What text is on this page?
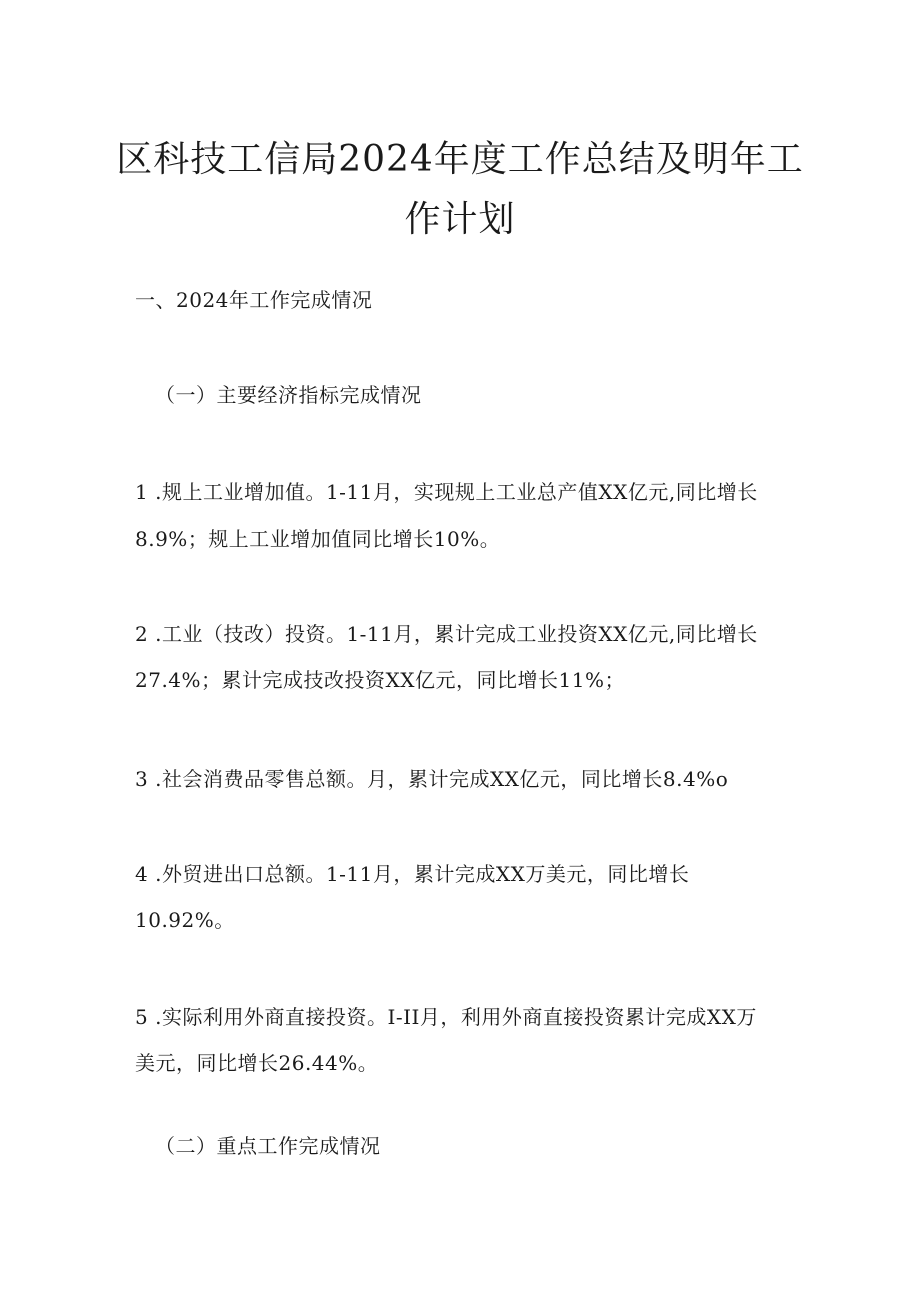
区科技工信局2024年度工作总结及明年工
作计划
一、2024年工作完成情况
（一）主要经济指标完成情况
1 .规上工业增加值。1-11月，实现规上工业总产值XX亿元,同比增长
8.9%；规上工业增加值同比增长10%。
2 .工业（技改）投资。1-11月，累计完成工业投资XX亿元,同比增长
27.4%；累计完成技改投资XX亿元，同比增长11%；
3 .社会消费品零售总额。月，累计完成XX亿元，同比增长8.4%o
4 .外贸进出口总额。1-11月，累计完成XX万美元，同比增长
10.92%。
5 .实际利用外商直接投资。I-II月，利用外商直接投资累计完成XX万
美元，同比增长26.44%。
（二）重点工作完成情况
